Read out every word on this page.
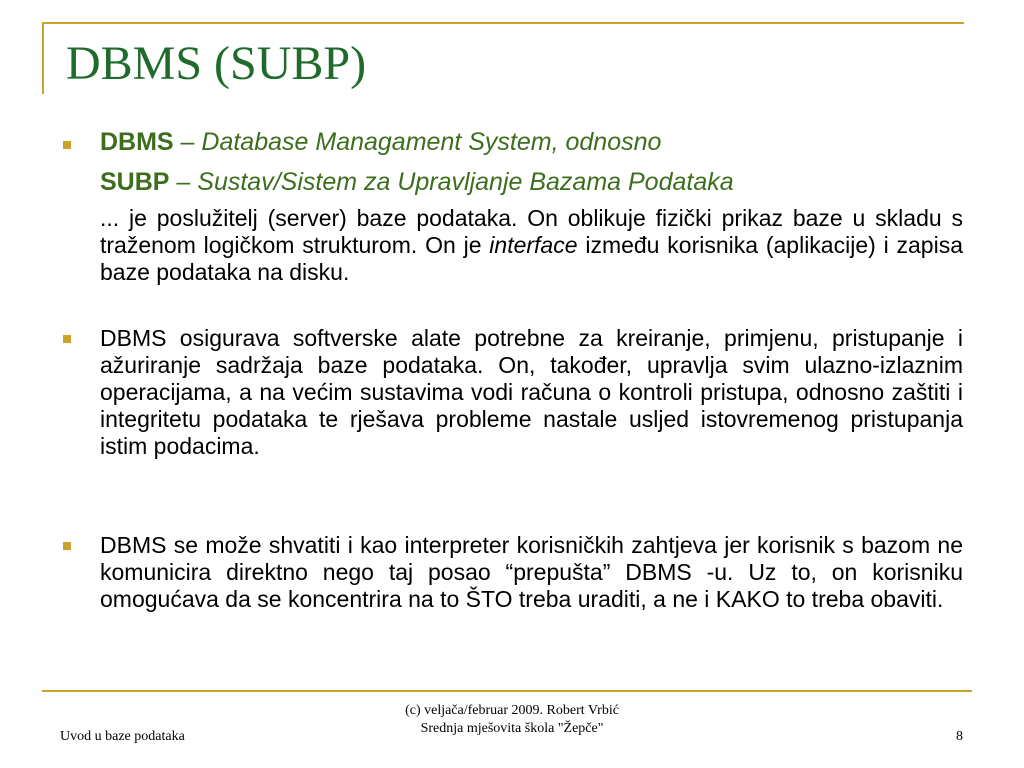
DBMS (SUBP)

DBMS – Database Managament System, odnosno

SUBP – Sustav/Sistem za Upravljanje Bazama Podataka

... je poslužitelj (server) baze podataka. On oblikuje fizički prikaz baze u skladu s traženom logičkom strukturom. On je interface između korisnika (aplikacije) i zapisa baze podataka na disku.

DBMS osigurava softverske alate potrebne za kreiranje, primjenu, pristupanje i ažuriranje sadržaja baze podataka. On, također, upravlja svim ulazno-izlaznim operacijama, a na većim sustavima vodi računa o kontroli pristupa, odnosno zaštiti i integritetu podataka te rješava probleme nastale usljed istovremenog pristupanja istim podacima.

DBMS se može shvatiti i kao interpreter korisničkih zahtjeva jer korisnik s bazom ne komunicira direktno nego taj posao “prepušta” DBMS -u. Uz to, on korisniku omogućava da se koncentrira na to ŠTO treba uraditi, a ne i KAKO to treba obaviti.

Uvod u baze podataka
(c) veljača/februar 2009. Robert Vrbić
Srednja mješovita škola "Žepče"
8
